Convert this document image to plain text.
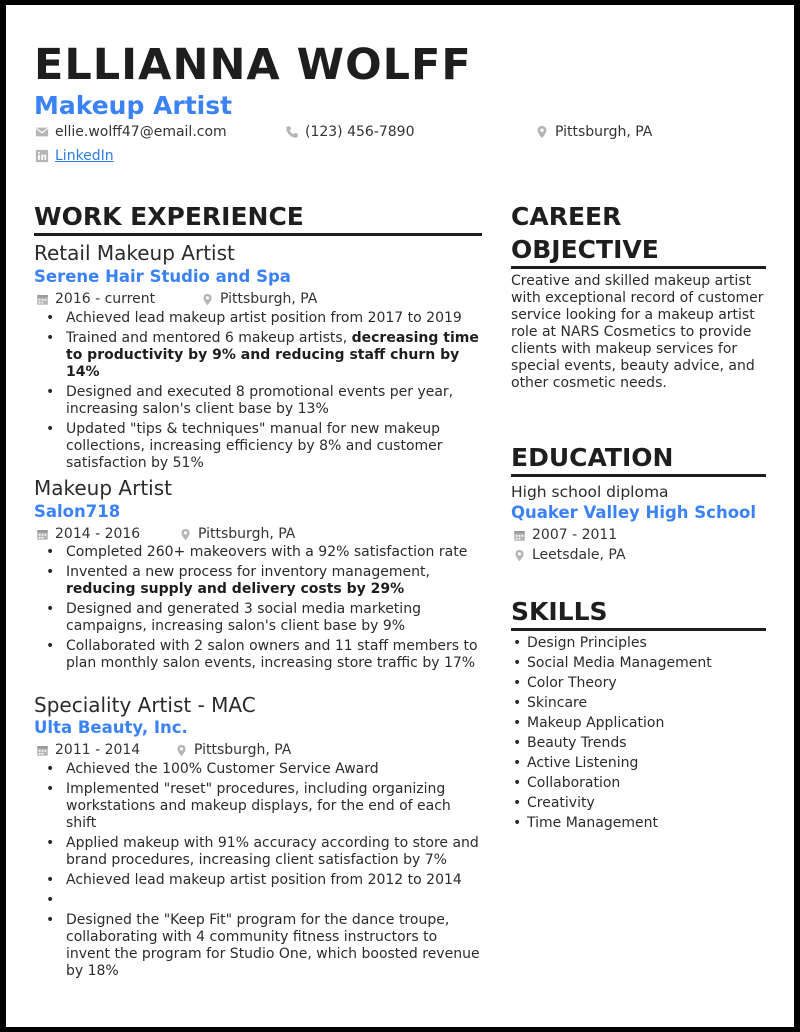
ELLIANNA WOLFF
Makeup Artist
ellie.wolff47@email.com	(123) 456-7890	Pittsburgh, PA
LinkedIn
WORK EXPERIENCE
Retail Makeup Artist
Serene Hair Studio and Spa
2016 - current	Pittsburgh, PA
• Achieved lead makeup artist position from 2017 to 2019
• Trained and mentored 6 makeup artists, decreasing time to productivity by 9% and reducing staff churn by 14%
• Designed and executed 8 promotional events per year, increasing salon's client base by 13%
• Updated "tips & techniques" manual for new makeup collections, increasing efficiency by 8% and customer satisfaction by 51%
Makeup Artist
Salon718
2014 - 2016	Pittsburgh, PA
• Completed 260+ makeovers with a 92% satisfaction rate
• Invented a new process for inventory management, reducing supply and delivery costs by 29%
• Designed and generated 3 social media marketing campaigns, increasing salon's client base by 9%
• Collaborated with 2 salon owners and 11 staff members to plan monthly salon events, increasing store traffic by 17%
Speciality Artist - MAC
Ulta Beauty, Inc.
2011 - 2014	Pittsburgh, PA
• Achieved the 100% Customer Service Award
• Implemented "reset" procedures, including organizing workstations and makeup displays, for the end of each shift
• Applied makeup with 91% accuracy according to store and brand procedures, increasing client satisfaction by 7%
• Achieved lead makeup artist position from 2012 to 2014
•
• Designed the "Keep Fit" program for the dance troupe, collaborating with 4 community fitness instructors to invent the program for Studio One, which boosted revenue by 18%
CAREER
OBJECTIVE
Creative and skilled makeup artist with exceptional record of customer service looking for a makeup artist role at NARS Cosmetics to provide clients with makeup services for special events, beauty advice, and other cosmetic needs.
EDUCATION
High school diploma
Quaker Valley High School
2007 - 2011
Leetsdale, PA
SKILLS
• Design Principles
• Social Media Management
• Color Theory
• Skincare
• Makeup Application
• Beauty Trends
• Active Listening
• Collaboration
• Creativity
• Time Management
